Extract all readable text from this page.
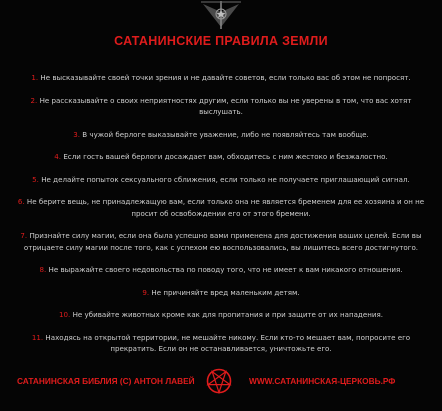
САТАНИНСКИЕ ПРАВИЛА ЗЕМЛИ

1. Не высказывайте своей точки зрения и не давайте советов, если только вас об этом не попросят.

2. Не рассказывайте о своих неприятностях другим, если только вы не уверены в том, что вас хотят выслушать.

3. В чужой берлоге выказывайте уважение, либо не появляйтесь там вообще.

4. Если гость вашей берлоги досаждает вам, обходитесь с ним жестоко и безжалостно.

5. Не делайте попыток сексуального сближения, если только не получаете приглашающий сигнал.

6. Не берите вещь, не принадлежащую вам, если только она не является бременем для ее хозяина и он не просит об освобождении его от этого бремени.

7. Признайте силу магии, если она была успешно вами применена для достижения ваших целей. Если вы отрицаете силу магии после того, как с успехом ею воспользовались, вы лишитесь всего достигнутого.

8. Не выражайте своего недовольства по поводу того, что не имеет к вам никакого отношения.

9. Не причиняйте вред маленьким детям.

10. Не убивайте животных кроме как для пропитания и при защите от их нападения.

11. Находясь на открытой территории, не мешайте никому. Если кто-то мешает вам, попросите его прекратить. Если он не останавливается, уничтожьте его.

САТАНИНСКАЯ БИБЛИЯ (С) АНТОН ЛАВЕЙ	WWW.САТАНИНСКАЯ-ЦЕРКОВЬ.РФ
